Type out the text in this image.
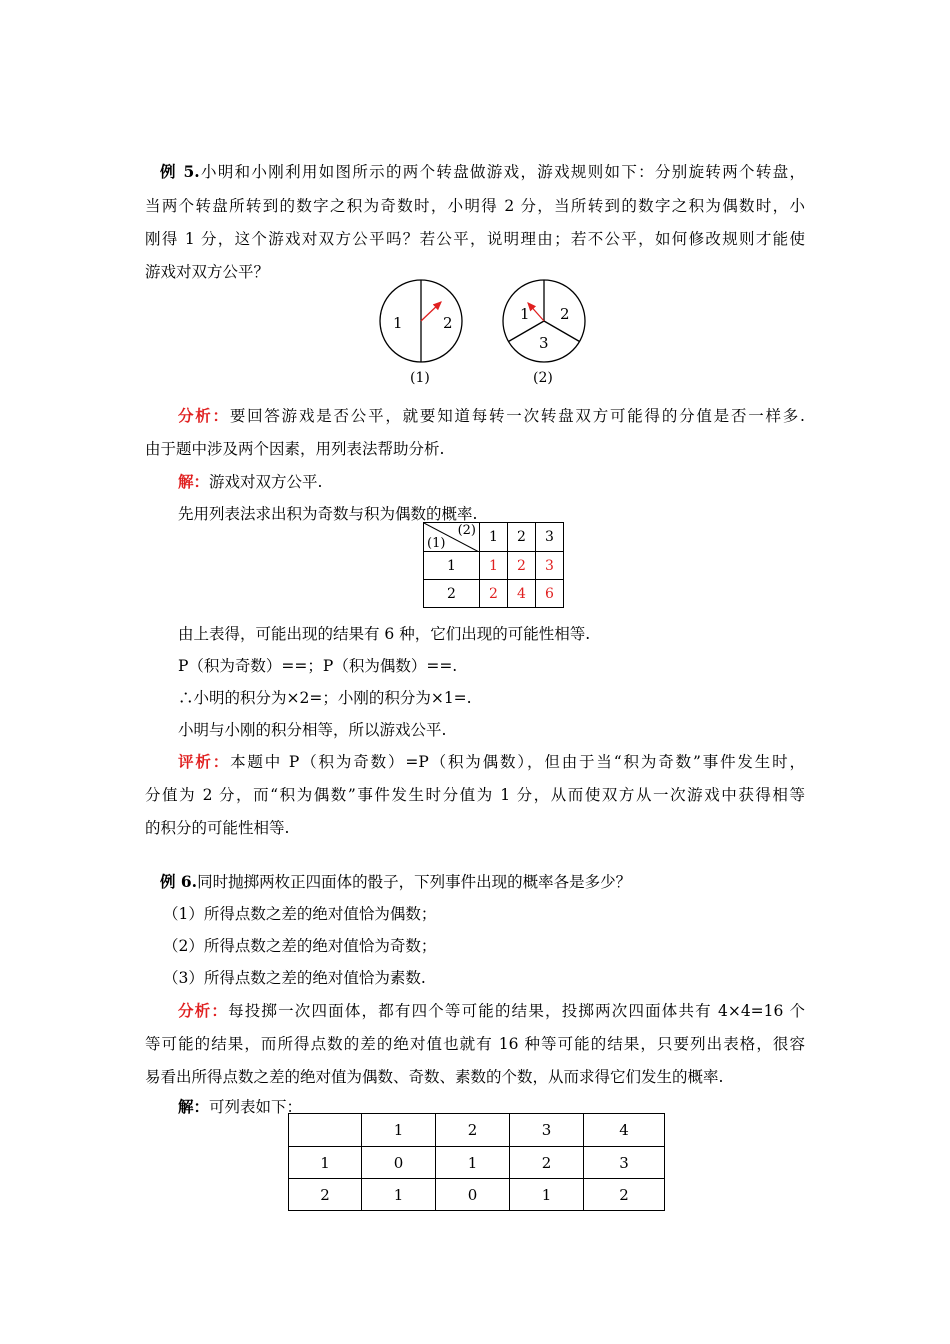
例 5.小明和小刚利用如图所示的两个转盘做游戏，游戏规则如下：分别旋转两个转盘，
当两个转盘所转到的数字之积为奇数时，小明得 2 分，当所转到的数字之积为偶数时，小
刚得 1 分，这个游戏对双方公平吗？若公平，说明理由；若不公平，如何修改规则才能使
游戏对双方公平？
1	2
(1)
1 2
3
(2)
分析：要回答游戏是否公平，就要知道每转一次转盘双方可能得的分值是否一样多.
由于题中涉及两个因素，用列表法帮助分析.
解：游戏对双方公平.
先用列表法求出积为奇数与积为偶数的概率.
(2)
(1)	1	2	3
1	1	2	3
2	2	4	6
由上表得，可能出现的结果有 6 种，它们出现的可能性相等.
P（积为奇数）==；P（积为偶数）==.
∴小明的积分为×2=；小刚的积分为×1=.
小明与小刚的积分相等，所以游戏公平.
评析：本题中 P（积为奇数）=P（积为偶数），但由于当“积为奇数”事件发生时，
分值为 2 分，而“积为偶数”事件发生时分值为 1 分，从而使双方从一次游戏中获得相等
的积分的可能性相等.
例 6.同时抛掷两枚正四面体的骰子，下列事件出现的概率各是多少？
（1）所得点数之差的绝对值恰为偶数；
（2）所得点数之差的绝对值恰为奇数；
（3）所得点数之差的绝对值恰为素数.
分析：每投掷一次四面体，都有四个等可能的结果，投掷两次四面体共有 4×4=16 个
等可能的结果，而所得点数的差的绝对值也就有 16 种等可能的结果，只要列出表格，很容
易看出所得点数之差的绝对值为偶数、奇数、素数的个数，从而求得它们发生的概率.
解：可列表如下：
	1	2	3	4
1	0	1	2	3
2	1	0	1	2
